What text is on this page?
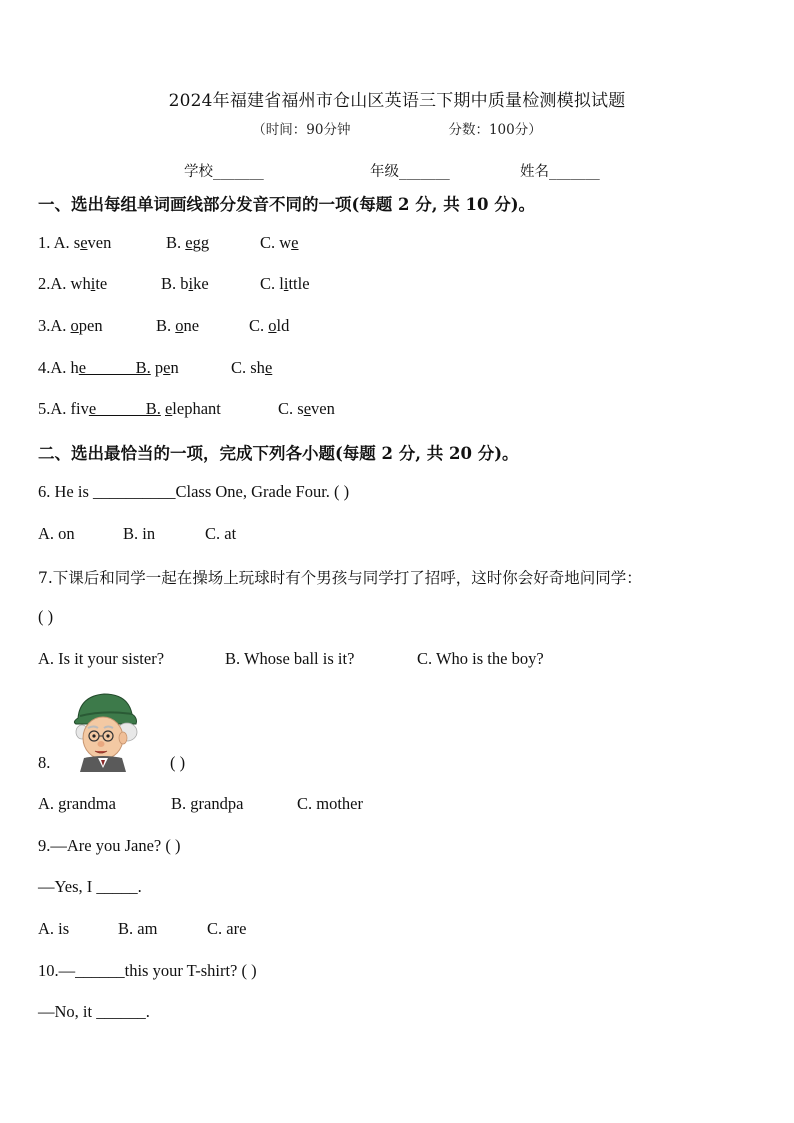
2024年福建省福州市仓山区英语三下期中质量检测模拟试题
（时间：90分钟	分数：100分）
学校_______	年级_______	姓名_______
一、选出每组单词画线部分发音不同的一项(每题 2 分, 共 10 分)。
1. A. seven	B. egg	C. we
2.A. white	B. bike	C. little
3.A. open	B. one	C. old
4.A. he______B. pen	C. she
5.A. five______B. elephant	C. seven
二、选出最恰当的一项，完成下列各小题(每题 2 分, 共 20 分)。
6. He is __________Class One, Grade Four. ( )
A. on	B. in	C. at
7.下课后和同学一起在操场上玩球时有个男孩与同学打了招呼，这时你会好奇地问同学：
( )
A. Is it your sister?	B. Whose ball is it?	C. Who is the boy?
8.	( )
A. grandma	B. grandpa	C. mother
9.—Are you Jane? ( )
—Yes, I _____.
A. is	B. am	C. are
10.—______this your T-shirt? ( )
—No, it ______.
